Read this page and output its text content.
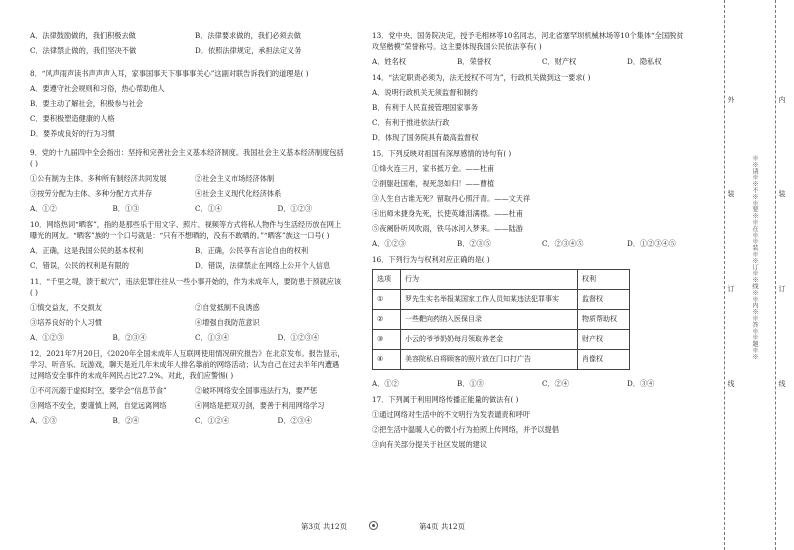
A．法律鼓励做的，我们积极去做	B．法律要求做的，我们必须去做
C．法律禁止做的，我们坚决不做	D．依照法律规定，承担法定义务
8．“风声雨声读书声声声入耳，家事国事天下事事事关心”这副对联告诉我们的道理是( )
A．要遵守社会规则和习俗，热心帮助他人
B．要主动了解社会，积极参与社会
C．要积极塑造健康的人格
D．要养成良好的行为习惯
9．党的十九届四中全会指出：坚持和完善社会主义基本经济制度。我国社会主义基本经济制度包括
( )
①公有制为主体、多种所有制经济共同发展	②社会主义市场经济体制
③按劳分配为主体、多种分配方式并存	④社会主义现代化经济体系
A．①②	B．①③	C．①④	D．①②③
10．网络热词“晒客”，指的是那些乐于用文字、照片、视频等方式将私人物件与生活经历放在网上
曝光的网友。“晒客”族的一个口号就是：“只有不想晒的，没有不敢晒的。”“晒客”族这一口号( )
A．正确，这是我国公民的基本权利	B．正确，公民享有言论自由的权利
C．错误，公民的权利是有限的	D．错误，法律禁止在网络上公开个人信息
11．“千里之堤，溃于蚁穴”，违法犯罪往往从一些小事开始的，作为未成年人，要防患于预就应该
( )
①慎交益友，不交损友	②自觉抵制不良诱惑
③培养良好的个人习惯	④增强自我防范意识
A．①②③	B．②③④	C．①③④	D．①②③④
12．2021年7月20日，《2020年全国未成年人互联网使用情况研究报告》在北京发布。报告显示，
学习、听音乐、玩游戏，聊天是近几年未成年人排名靠前的网络活动；认为自己在过去半年内遭遇
过网络安全事件的未成年网民占比27.2%。对此，我们应警惕( )
①不可沉溺于虚拟时空，要学会“信息节食”	②破坏网络安全国事违法行为，要严惩
③网络不安全，要谨慎上网，自觉远离网络	④网络是把双刃剑，要善于利用网络学习
A．①③	B．②④	C．①②④	D．②③④
13．党中央、国务院决定，授予毛相林等10名同志，河北省塞罕坝机械林场等10个集体“全国脱贫
攻坚楷模”荣誉称号。这主要体现我国公民依法享有( )
A．姓名权	B．荣誉权	C．财产权	D．隐私权
14．“法定职责必须为，法无授权不可为”，行政机关做到这一要求( )
A．说明行政机关无须监督和制约
B．有利于人民直接管理国家事务
C．有利于推进依法行政
D．体现了国务院具有最高监督权
15．下列反映对祖国有深厚感情的诗句有( )
①烽火连三月，家书抵万金。——杜甫
②捐躯赴国难，视死忽如归！——曹植
③人生自古谁无死？留取丹心照汗青。——文天祥
④出师未捷身先死，长使英雄泪满襟。——杜甫
⑤夜阑卧听风吹雨，铁马冰河入梦来。——陆游
A．①②③	B．②③⑤	C．②③④⑤	D．①②③④⑤
16．下列行为与权利对应正确的是( )
选项	行为	权利
①	罗先生实名举报某国家工作人员知某违法犯罪事实	监督权
②	一些靶向药纳入医保目录	物质帮助权
③	小云的爷爷奶奶每月领取养老金	财产权
④	美容院私自将顾客的照片放在门口打广告	肖像权
A．①②	B．①③	C．②④	D．③④
17．下列属于利用网络传播正能量的做法有( )
①通过网络对生活中的不文明行为发表谴责和呼吁
②把生活中温暖人心的微小行为拍照上传网络，并予以提倡
③向有关部分提关于社区发展的建议
第3页 共12页	第4页 共12页
外
装
订
线
※※请※※不※※要※※在※※装※※订※※线※※内※※答※※题※※
内
装
订
线
